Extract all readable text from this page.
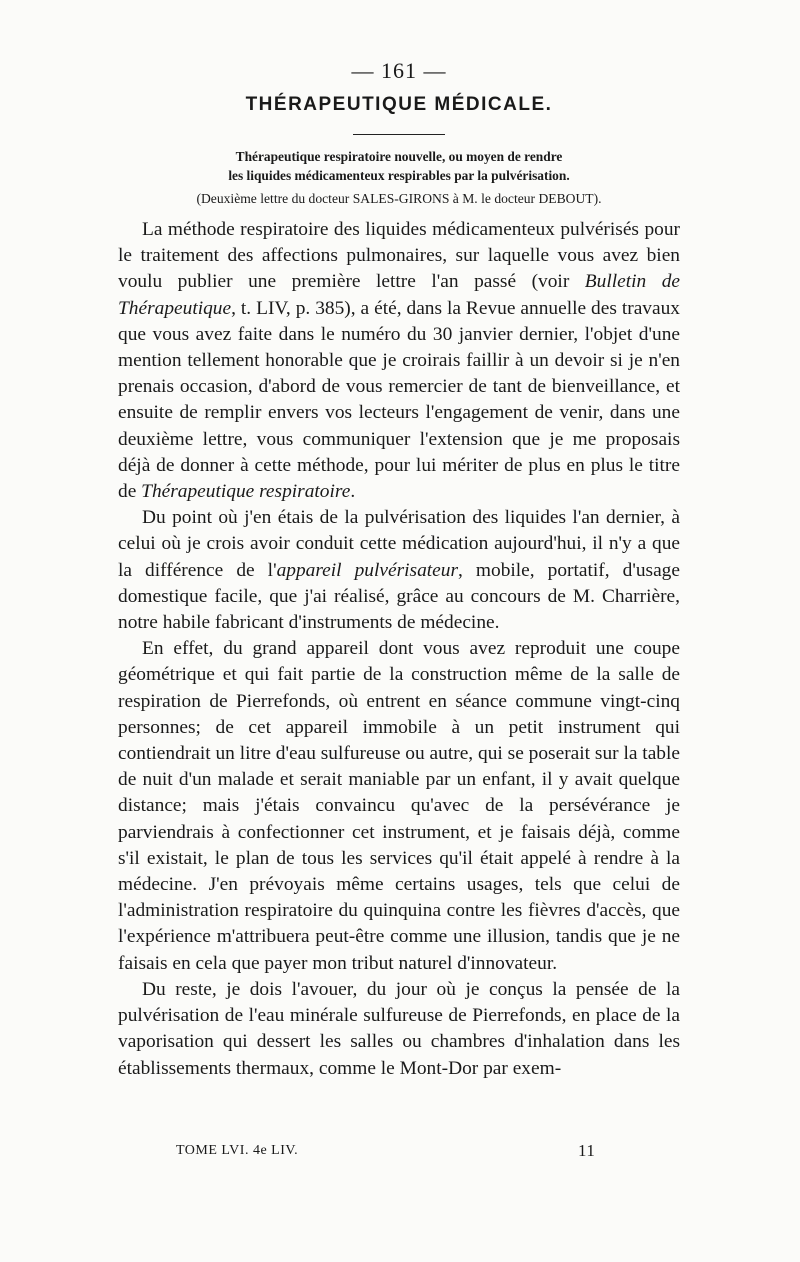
— 161 —
THÉRAPEUTIQUE MÉDICALE.
Thérapeutique respiratoire nouvelle, ou moyen de rendre
les liquides médicamenteux respirables par la pulvérisation.
(Deuxième lettre du docteur SALES-GIRONS à M. le docteur DEBOUT).

La méthode respiratoire des liquides médicamenteux pulvérisés pour le traitement des affections pulmonaires, sur laquelle vous avez bien voulu publier une première lettre l'an passé (voir Bulletin de Thérapeutique, t. LIV, p. 385), a été, dans la Revue annuelle des travaux que vous avez faite dans le numéro du 30 janvier dernier, l'objet d'une mention tellement honorable que je croirais faillir à un devoir si je n'en prenais occasion, d'abord de vous remercier de tant de bienveillance, et ensuite de remplir envers vos lecteurs l'engagement de venir, dans une deuxième lettre, vous communiquer l'extension que je me proposais déjà de donner à cette méthode, pour lui mériter de plus en plus le titre de Thérapeutique respiratoire.

Du point où j'en étais de la pulvérisation des liquides l'an dernier, à celui où je crois avoir conduit cette médication aujourd'hui, il n'y a que la différence de l'appareil pulvérisateur, mobile, portatif, d'usage domestique facile, que j'ai réalisé, grâce au concours de M. Charrière, notre habile fabricant d'instruments de médecine.

En effet, du grand appareil dont vous avez reproduit une coupe géométrique et qui fait partie de la construction même de la salle de respiration de Pierrefonds, où entrent en séance commune vingt-cinq personnes; de cet appareil immobile à un petit instrument qui contiendrait un litre d'eau sulfureuse ou autre, qui se poserait sur la table de nuit d'un malade et serait maniable par un enfant, il y avait quelque distance; mais j'étais convaincu qu'avec de la persévérance je parviendrais à confectionner cet instrument, et je faisais déjà, comme s'il existait, le plan de tous les services qu'il était appelé à rendre à la médecine. J'en prévoyais même certains usages, tels que celui de l'administration respiratoire du quinquina contre les fièvres d'accès, que l'expérience m'attribuera peut-être comme une illusion, tandis que je ne faisais en cela que payer mon tribut naturel d'innovateur.

Du reste, je dois l'avouer, du jour où je conçus la pensée de la pulvérisation de l'eau minérale sulfureuse de Pierrefonds, en place de la vaporisation qui dessert les salles ou chambres d'inhalation dans les établissements thermaux, comme le Mont-Dor par exem-

TOME LVI. 4e LIV.	11
